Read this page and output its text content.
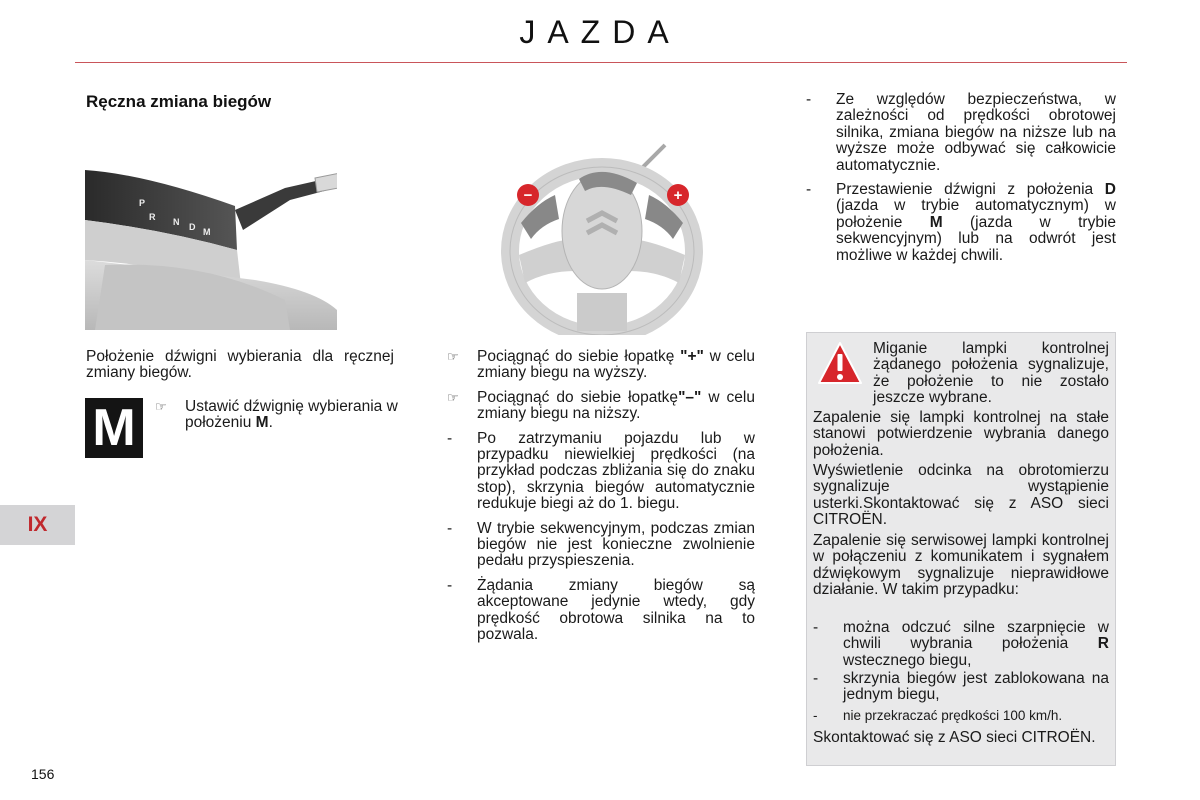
JAZDA
Ręczna zmiana biegów
P
R N D M
−	+
Położenie dźwigni wybierania dla ręcznej zmiany biegów.
M	☞ Ustawić dźwignię wybierania w położeniu M.
☞ Pociągnąć do siebie łopatkę "+" w celu zmiany biegu na wyższy.
☞ Pociągnąć do siebie łopatkę"–" w celu zmiany biegu na niższy.
- Po zatrzymaniu pojazdu lub w przypadku niewielkiej prędkości (na przykład podczas zbliżania się do znaku stop), skrzynia biegów automatycznie redukuje biegi aż do 1. biegu.
- W trybie sekwencyjnym, podczas zmian biegów nie jest konieczne zwolnienie pedału przyspieszenia.
- Żądania zmiany biegów są akceptowane jedynie wtedy, gdy prędkość obrotowa silnika na to pozwala.
- Ze względów bezpieczeństwa, w zależności od prędkości obrotowej silnika, zmiana biegów na niższe lub na wyższe może odbywać się całkowicie automatycznie.
- Przestawienie dźwigni z położenia D (jazda w trybie automatycznym) w położenie M (jazda w trybie sekwencyjnym) lub na odwrót jest możliwe w każdej chwili.
Miganie lampki kontrolnej żądanego położenia sygnalizuje, że położenie to nie zostało jeszcze wybrane.
Zapalenie się lampki kontrolnej na stałe stanowi potwierdzenie wybrania danego położenia.
Wyświetlenie odcinka na obrotomierzu sygnalizuje wystąpienie usterki.Skontaktować się z ASO sieci CITROËN.
Zapalenie się serwisowej lampki kontrolnej w połączeniu z komunikatem i sygnałem dźwiękowym sygnalizuje nieprawidłowe działanie. W takim przypadku:
- można odczuć silne szarpnięcie w chwili wybrania położenia R wstecznego biegu,
- skrzynia biegów jest zablokowana na jednym biegu,
- nie przekraczać prędkości 100 km/h.
Skontaktować się z ASO sieci CITROËN.
IX
156
